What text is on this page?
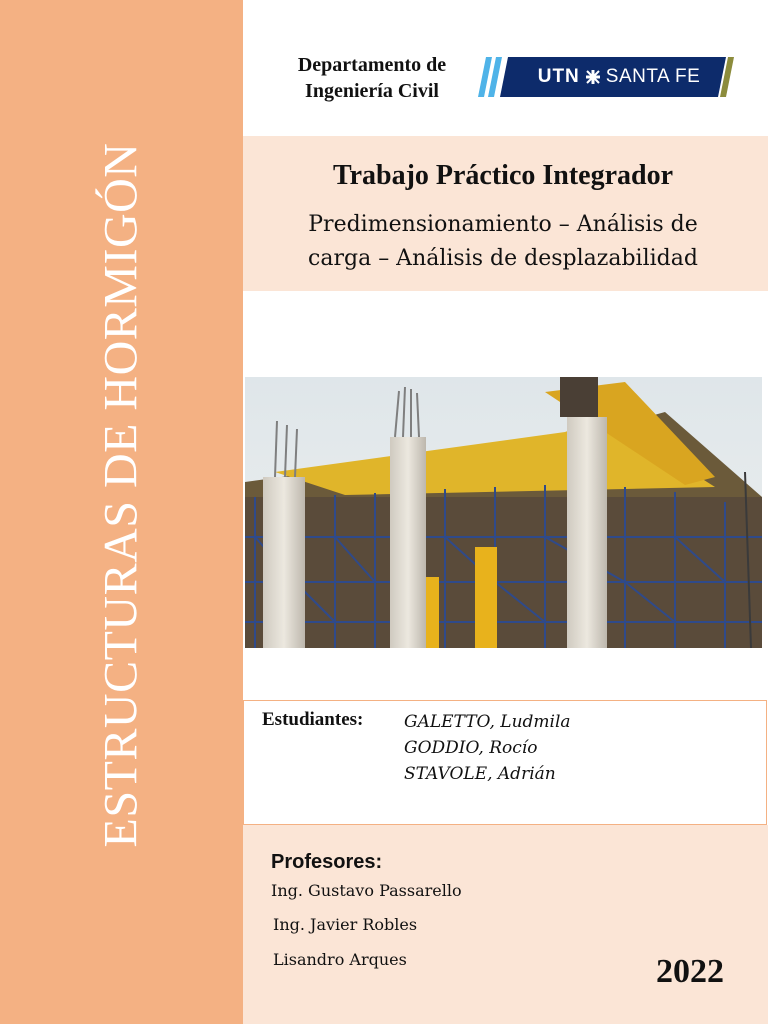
ESTRUCTURAS DE HORMIGÓN
Departamento de
Ingeniería Civil
UTN SANTA FE
Trabajo Práctico Integrador
Predimensionamiento – Análisis de
carga – Análisis de desplazabilidad
Estudiantes: GALETTO, Ludmila
GODDIO, Rocío
STAVOLE, Adrián
Profesores:
Ing. Gustavo Passarello
Ing. Javier Robles
Lisandro Arques	2022
